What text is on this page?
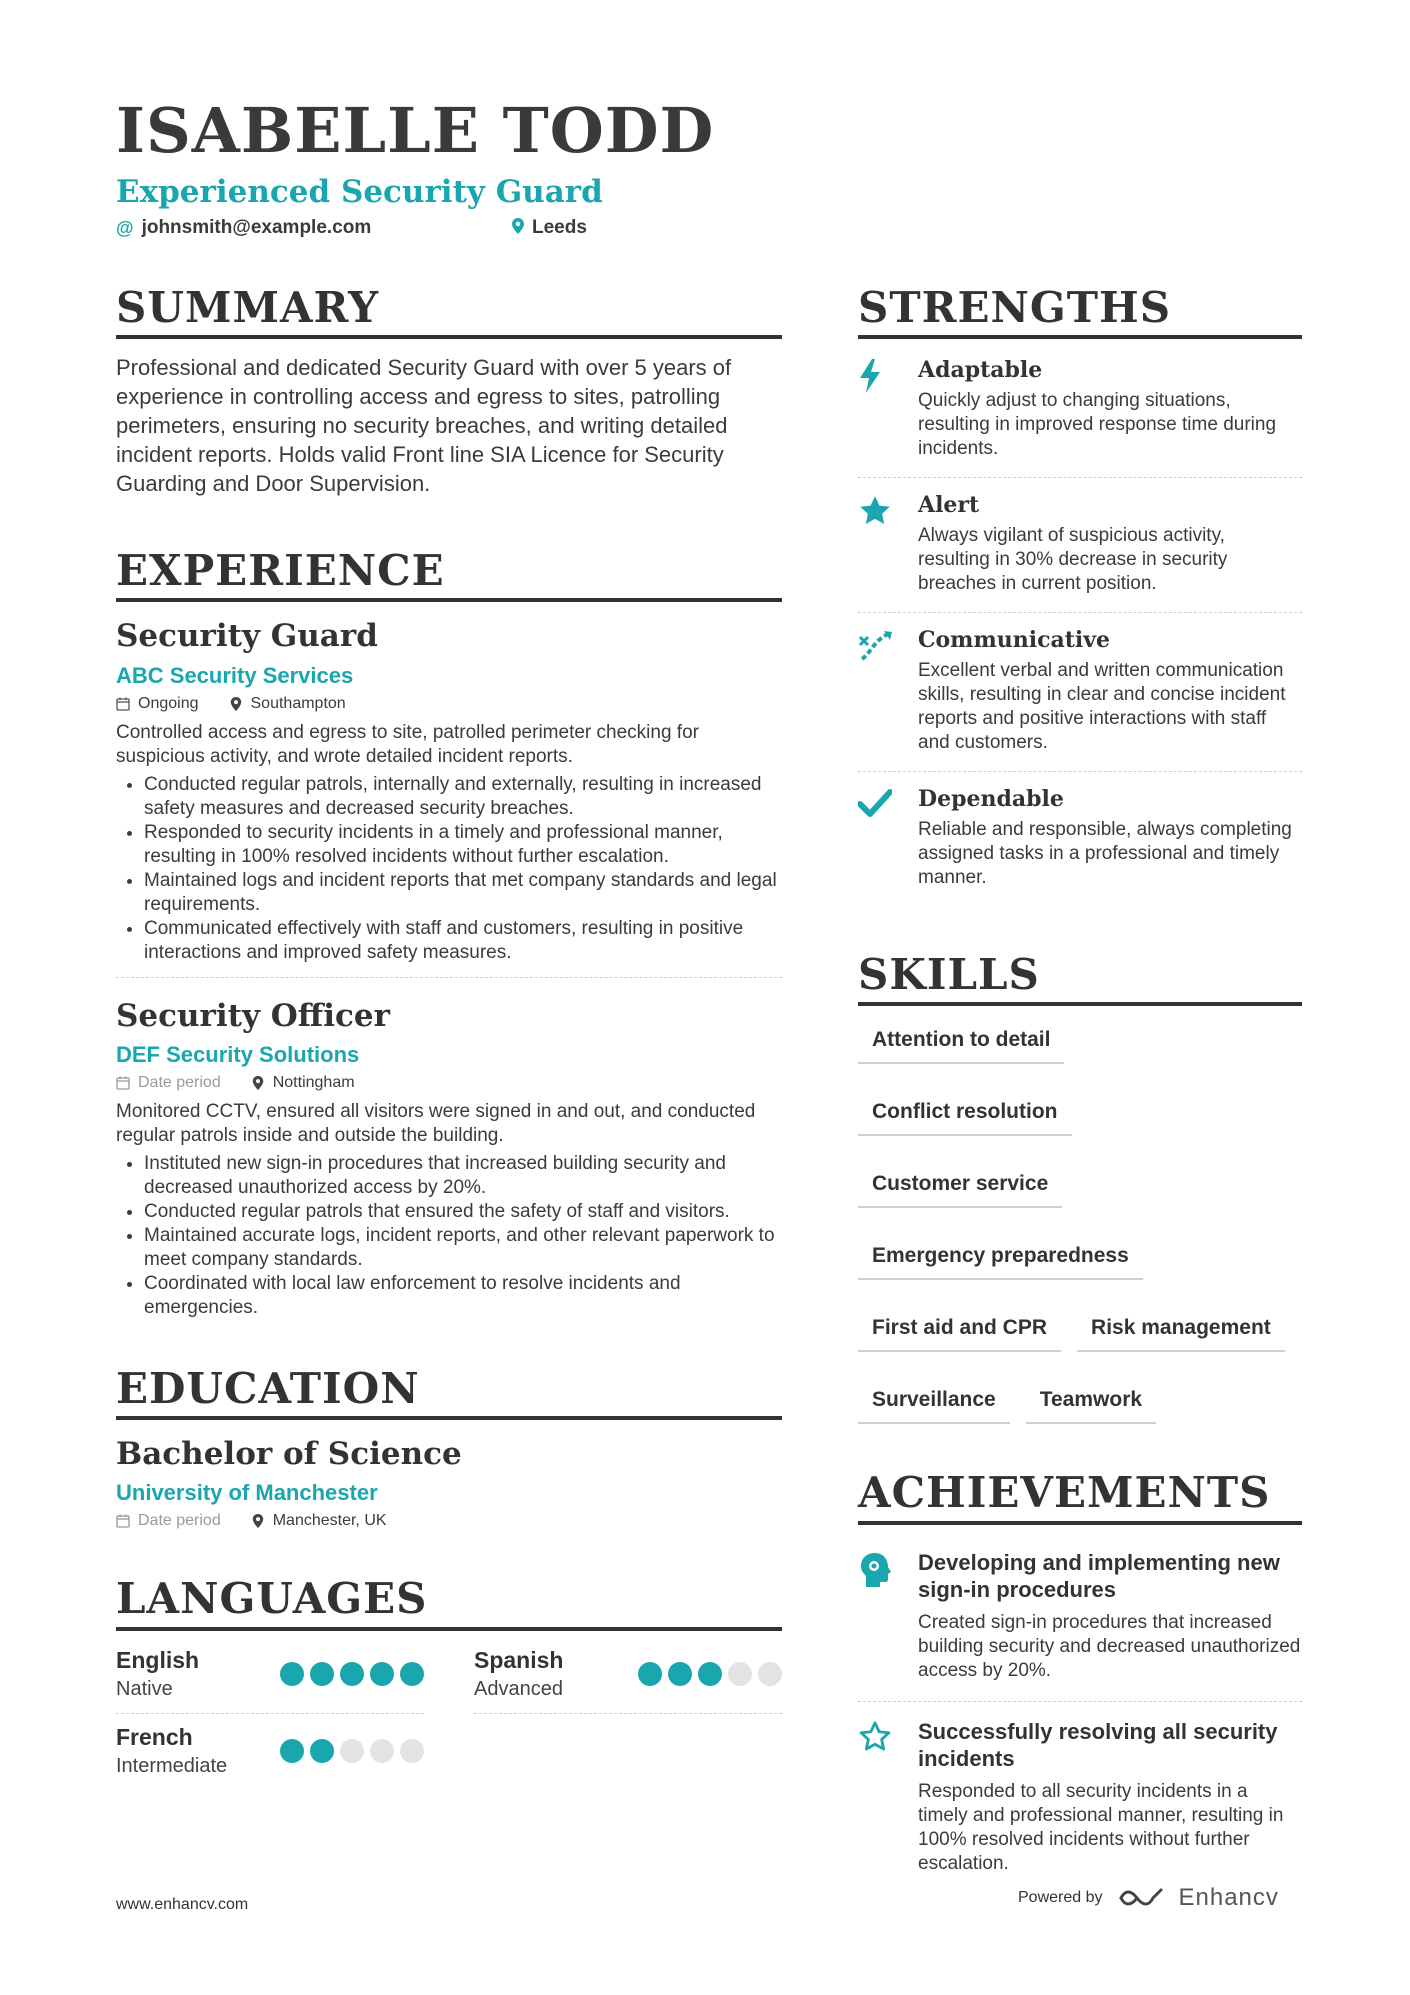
ISABELLE TODD
Experienced Security Guard
@ johnsmith@example.com	Leeds
SUMMARY

Professional and dedicated Security Guard with over 5 years of experience in controlling access and egress to sites, patrolling perimeters, ensuring no security breaches, and writing detailed incident reports. Holds valid Front line SIA Licence for Security Guarding and Door Supervision.

EXPERIENCE
Security Guard
ABC Security Services
Ongoing	Southampton

Controlled access and egress to site, patrolled perimeter checking for suspicious activity, and wrote detailed incident reports.

• Conducted regular patrols, internally and externally, resulting in increased safety measures and decreased security breaches.
• Responded to security incidents in a timely and professional manner, resulting in 100% resolved incidents without further escalation.
• Maintained logs and incident reports that met company standards and legal requirements.
• Communicated effectively with staff and customers, resulting in positive interactions and improved safety measures.
Security Officer
DEF Security Solutions
Date period	Nottingham

Monitored CCTV, ensured all visitors were signed in and out, and conducted regular patrols inside and outside the building.

• Instituted new sign-in procedures that increased building security and decreased unauthorized access by 20%.
• Conducted regular patrols that ensured the safety of staff and visitors.
• Maintained accurate logs, incident reports, and other relevant paperwork to meet company standards.
• Coordinated with local law enforcement to resolve incidents and emergencies.
EDUCATION
Bachelor of Science
University of Manchester
Date period	Manchester, UK
LANGUAGES
English
Native
Spanish
Advanced
French
Intermediate
STRENGTHS
Adaptable

Quickly adjust to changing situations, resulting in improved response time during incidents.

Alert

Always vigilant of suspicious activity, resulting in 30% decrease in security breaches in current position.

Communicative

Excellent verbal and written communication skills, resulting in clear and concise incident reports and positive interactions with staff and customers.

Dependable

Reliable and responsible, always completing assigned tasks in a professional and timely manner.

SKILLS
Attention to detail
Conflict resolution
Customer service
Emergency preparedness
First aid and CPR	Risk management
Surveillance	Teamwork
ACHIEVEMENTS
Developing and implementing new sign-in procedures

Created sign-in procedures that increased building security and decreased unauthorized access by 20%.

Successfully resolving all security incidents

Responded to all security incidents in a timely and professional manner, resulting in 100% resolved incidents without further escalation.

www.enhancv.com	Powered by	Enhancv
